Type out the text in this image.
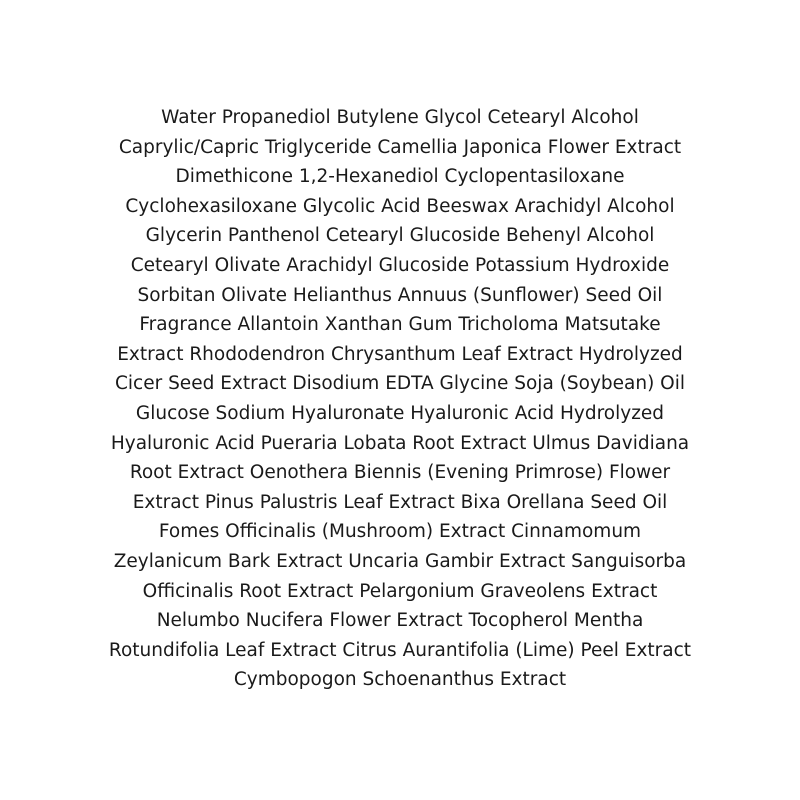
Water Propanediol Butylene Glycol Cetearyl Alcohol
Caprylic/Capric Triglyceride Camellia Japonica Flower Extract
Dimethicone 1,2-Hexanediol Cyclopentasiloxane
Cyclohexasiloxane Glycolic Acid Beeswax Arachidyl Alcohol
Glycerin Panthenol Cetearyl Glucoside Behenyl Alcohol
Cetearyl Olivate Arachidyl Glucoside Potassium Hydroxide
Sorbitan Olivate Helianthus Annuus (Sunflower) Seed Oil
Fragrance Allantoin Xanthan Gum Tricholoma Matsutake
Extract Rhododendron Chrysanthum Leaf Extract Hydrolyzed
Cicer Seed Extract Disodium EDTA Glycine Soja (Soybean) Oil
Glucose Sodium Hyaluronate Hyaluronic Acid Hydrolyzed
Hyaluronic Acid Pueraria Lobata Root Extract Ulmus Davidiana
Root Extract Oenothera Biennis (Evening Primrose) Flower
Extract Pinus Palustris Leaf Extract Bixa Orellana Seed Oil
Fomes Officinalis (Mushroom) Extract Cinnamomum
Zeylanicum Bark Extract Uncaria Gambir Extract Sanguisorba
Officinalis Root Extract Pelargonium Graveolens Extract
Nelumbo Nucifera Flower Extract Tocopherol Mentha
Rotundifolia Leaf Extract Citrus Aurantifolia (Lime) Peel Extract
Cymbopogon Schoenanthus Extract
